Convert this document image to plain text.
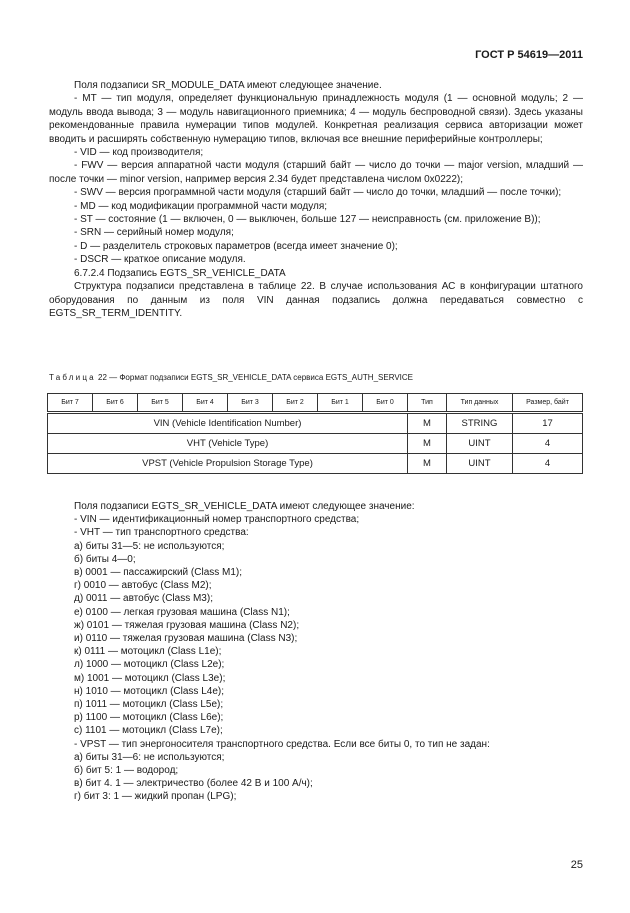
ГОСТ Р 54619—2011

Поля подзаписи SR_MODULE_DATA имеют следующее значение.

- MT — тип модуля, определяет функциональную принадлежность модуля (1 — основной модуль; 2 — модуль ввода вывода; 3 — модуль навигационного приемника; 4 — модуль беспроводной связи). Здесь указаны рекомендованные правила нумерации типов модулей. Конкретная реализация сервиса авторизации может вводить и расширять собственную нумерацию типов, включая все внешние периферийные контроллеры;

- VID — код производителя;

- FWV — версия аппаратной части модуля (старший байт — число до точки — major version, младший — после точки — minor version, например версия 2.34 будет представлена числом 0x0222);

- SWV — версия программной части модуля (старший байт — число до точки, младший — после точки);

- MD — код модификации программной части модуля;

- ST — состояние (1 — включен, 0 — выключен, больше 127 — неисправность (см. приложение В));

- SRN — серийный номер модуля;

- D — разделитель строковых параметров (всегда имеет значение 0);

- DSCR — краткое описание модуля.

6.7.2.4 Подзапись EGTS_SR_VEHICLE_DATA

Структура подзаписи представлена в таблице 22. В случае использования АС в конфигурации штатного оборудования по данным из поля VIN данная подзапись должна передаваться совместно с EGTS_SR_TERM_IDENTITY.

Таблица 22 — Формат подзаписи EGTS_SR_VEHICLE_DATA сервиса EGTS_AUTH_SERVICE
Бит 7	Бит 6	Бит 5	Бит 4	Бит 3	Бит 2	Бит 1	Бит 0	Тип	Тип данных	Размер, байт
VIN (Vehicle Identification Number)								M	STRING	17
VHT (Vehicle Type)								M	UINT	4
VPST (Vehicle Propulsion Storage Type)								M	UINT	4

Поля подзаписи EGTS_SR_VEHICLE_DATA имеют следующее значение:

- VIN — идентификационный номер транспортного средства;

- VHT — тип транспортного средства:

а) биты 31—5: не используются;

б) биты 4—0;

в) 0001 — пассажирский (Class M1);

г) 0010 — автобус (Class M2);

д) 0011 — автобус (Class M3);

е) 0100 — легкая грузовая машина (Class N1);

ж) 0101 — тяжелая грузовая машина (Class N2);

и) 0110 — тяжелая грузовая машина (Class N3);

к) 0111 — мотоцикл (Class L1e);

л) 1000 — мотоцикл (Class L2e);

м) 1001 — мотоцикл (Class L3e);

н) 1010 — мотоцикл (Class L4e);

п) 1011 — мотоцикл (Class L5e);

р) 1100 — мотоцикл (Class L6e);

с) 1101 — мотоцикл (Class L7e);

- VPST — тип энергоносителя транспортного средства. Если все биты 0, то тип не задан:

а) биты 31—6: не используются;

б) бит 5: 1 — водород;

в) бит 4. 1 — электричество (более 42 В и 100 А/ч);

г) бит 3: 1 — жидкий пропан (LPG);

25
